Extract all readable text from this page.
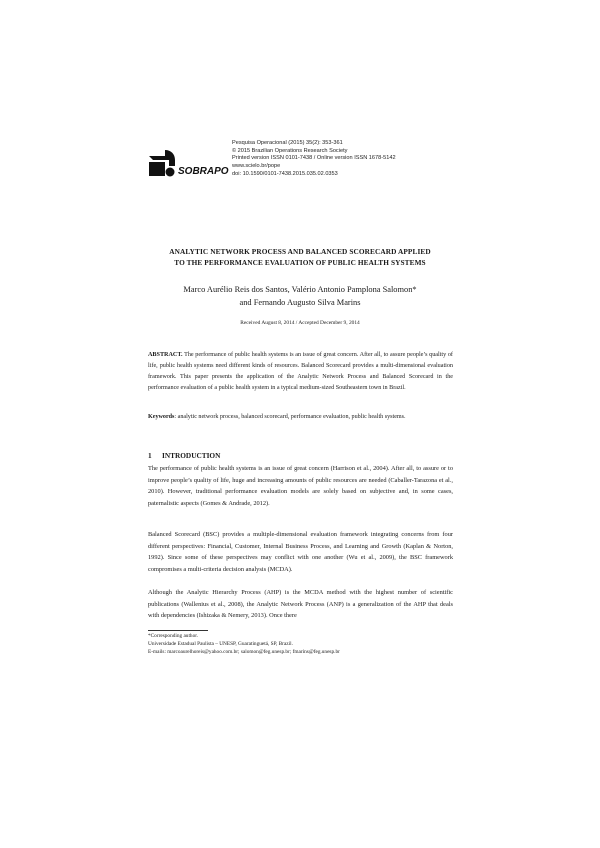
SOBRAPO
Pesquisa Operacional (2015) 35(2): 353-361
© 2015 Brazilian Operations Research Society
Printed version ISSN 0101-7438 / Online version ISSN 1678-5142
www.scielo.br/pope
doi: 10.1590/0101-7438.2015.035.02.0353
ANALYTIC NETWORK PROCESS AND BALANCED SCORECARD APPLIED
TO THE PERFORMANCE EVALUATION OF PUBLIC HEALTH SYSTEMS
Marco Aurélio Reis dos Santos, Valério Antonio Pamplona Salomon*
and Fernando Augusto Silva Marins
Received August 8, 2014 / Accepted December 9, 2014
ABSTRACT. The performance of public health systems is an issue of great concern. After all, to assure people’s quality of life, public health systems need different kinds of resources. Balanced Scorecard provides a multi-dimensional evaluation framework. This paper presents the application of the Analytic Network Process and Balanced Scorecard in the performance evaluation of a public health system in a typical medium-sized Southeastern town in Brazil.
Keywords: analytic network process, balanced scorecard, performance evaluation, public health systems.
1 INTRODUCTION

The performance of public health systems is an issue of great concern (Harrison et al., 2004). After all, to assure or to improve people’s quality of life, huge and increasing amounts of public resources are needed (Caballer-Tarazona et al., 2010). However, traditional performance evaluation models are solely based on subjective and, in some cases, paternalistic aspects (Gomes & Andrade, 2012).

Balanced Scorecard (BSC) provides a multiple-dimensional evaluation framework integrating concerns from four different perspectives: Financial, Customer, Internal Business Process, and Learning and Growth (Kaplan & Norton, 1992). Since some of these perspectives may conflict with one another (Wu et al., 2009), the BSC framework compromises a multi-criteria decision analysis (MCDA).

Although the Analytic Hierarchy Process (AHP) is the MCDA method with the highest number of scientific publications (Wallenius et al., 2008), the Analytic Network Process (ANP) is a generalization of the AHP that deals with dependencies (Ishizaka & Nemery, 2013). Once there

*Corresponding author.
Universidade Estadual Paulista – UNESP, Guaratinguetá, SP, Brazil.
E-mails: marcoaurelhoreis@yahoo.com.br; salomon@feg.unesp.br; fmarins@feg.unesp.br
